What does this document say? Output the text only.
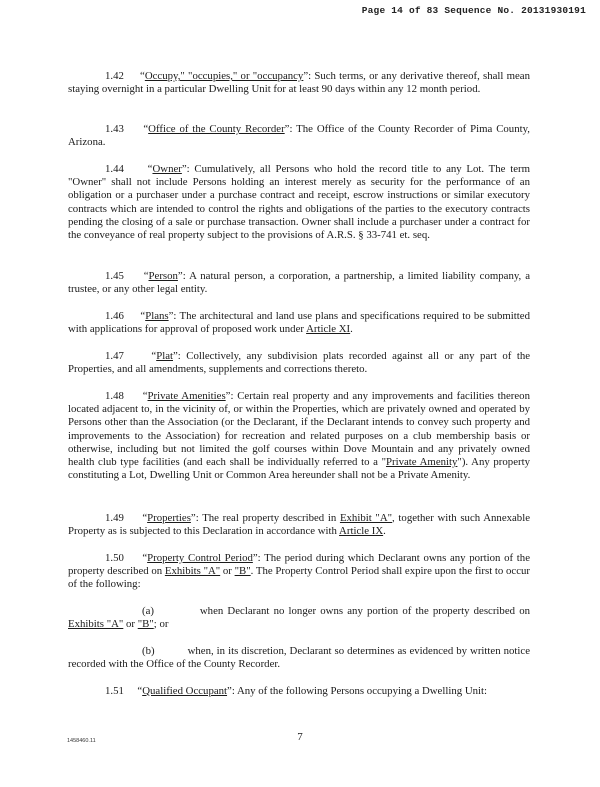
Page 14 of 83 Sequence No. 20131930191

1.42     “Occupy," "occupies," or "occupancy”: Such terms, or any derivative thereof, shall mean staying overnight in a particular Dwelling Unit for at least 90 days within any 12 month period.

1.43     “Office of the County Recorder”: The Office of the County Recorder of Pima County, Arizona.

1.44     “Owner”: Cumulatively, all Persons who hold the record title to any Lot. The term "Owner" shall not include Persons holding an interest merely as security for the performance of an obligation or a purchaser under a purchase contract and receipt, escrow instructions or similar executory contracts which are intended to control the rights and obligations of the parties to the executory contracts pending the closing of a sale or purchase transaction. Owner shall include a purchaser under a contract for the conveyance of real property subject to the provisions of A.R.S. § 33-741 et. seq.

1.45     “Person”: A natural person, a corporation, a partnership, a limited liability company, a trustee, or any other legal entity.

1.46     “Plans”: The architectural and land use plans and specifications required to be submitted with applications for approval of proposed work under Article XI.

1.47     “Plat”: Collectively, any subdivision plats recorded against all or any part of the Properties, and all amendments, supplements and corrections thereto.

1.48     “Private Amenities”: Certain real property and any improvements and facilities thereon located adjacent to, in the vicinity of, or within the Properties, which are privately owned and operated by Persons other than the Association (or the Declarant, if the Declarant intends to convey such property and improvements to the Association) for recreation and related purposes on a club membership basis or otherwise, including but not limited the golf courses within Dove Mountain and any privately owned health club type facilities (and each shall be individually referred to a "Private Amenity"). Any property constituting a Lot, Dwelling Unit or Common Area hereunder shall not be a Private Amenity.

1.49     “Properties”: The real property described in Exhibit "A", together with such Annexable Property as is subjected to this Declaration in accordance with Article IX.

1.50     “Property Control Period”: The period during which Declarant owns any portion of the property described on Exhibits "A" or "B". The Property Control Period shall expire upon the first to occur of the following:

(a)	when Declarant no longer owns any portion of the property described on Exhibits "A" or "B"; or

(b)	when, in its discretion, Declarant so determines as evidenced by written notice recorded with the Office of the County Recorder.

1.51     “Qualified Occupant”: Any of the following Persons occupying a Dwelling Unit:

1458460.11	7
